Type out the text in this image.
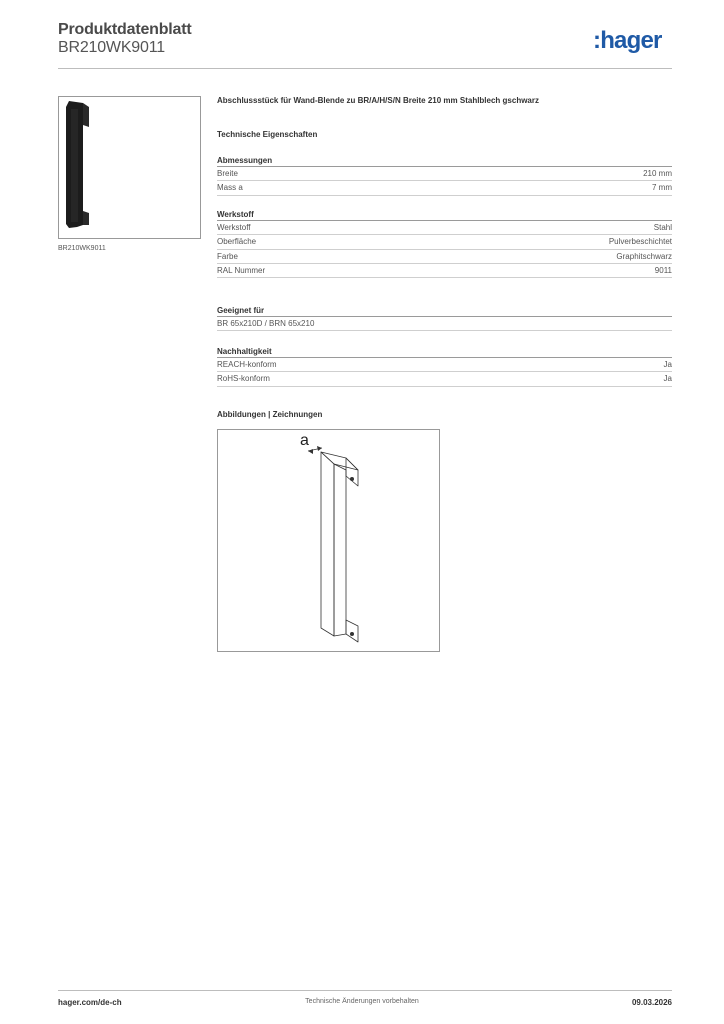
Produktdatenblatt
BR210WK9011	:hager
BR210WK9011
Abschlussstück für Wand-Blende zu BR/A/H/S/N Breite 210 mm Stahlblech gschwarz
Technische Eigenschaften
Abmessungen
Breite	210 mm
Mass a	7 mm
Werkstoff
Werkstoff	Stahl
Oberfläche	Pulverbeschichtet
Farbe	Graphitschwarz
RAL Nummer	9011
Geeignet für
BR 65x210D / BRN 65x210
Nachhaltigkeit
REACH-konform	Ja
RoHS-konform	Ja
Abbildungen | Zeichnungen
a
hager.com/de-ch	Technische Änderungen vorbehalten	09.03.2026
